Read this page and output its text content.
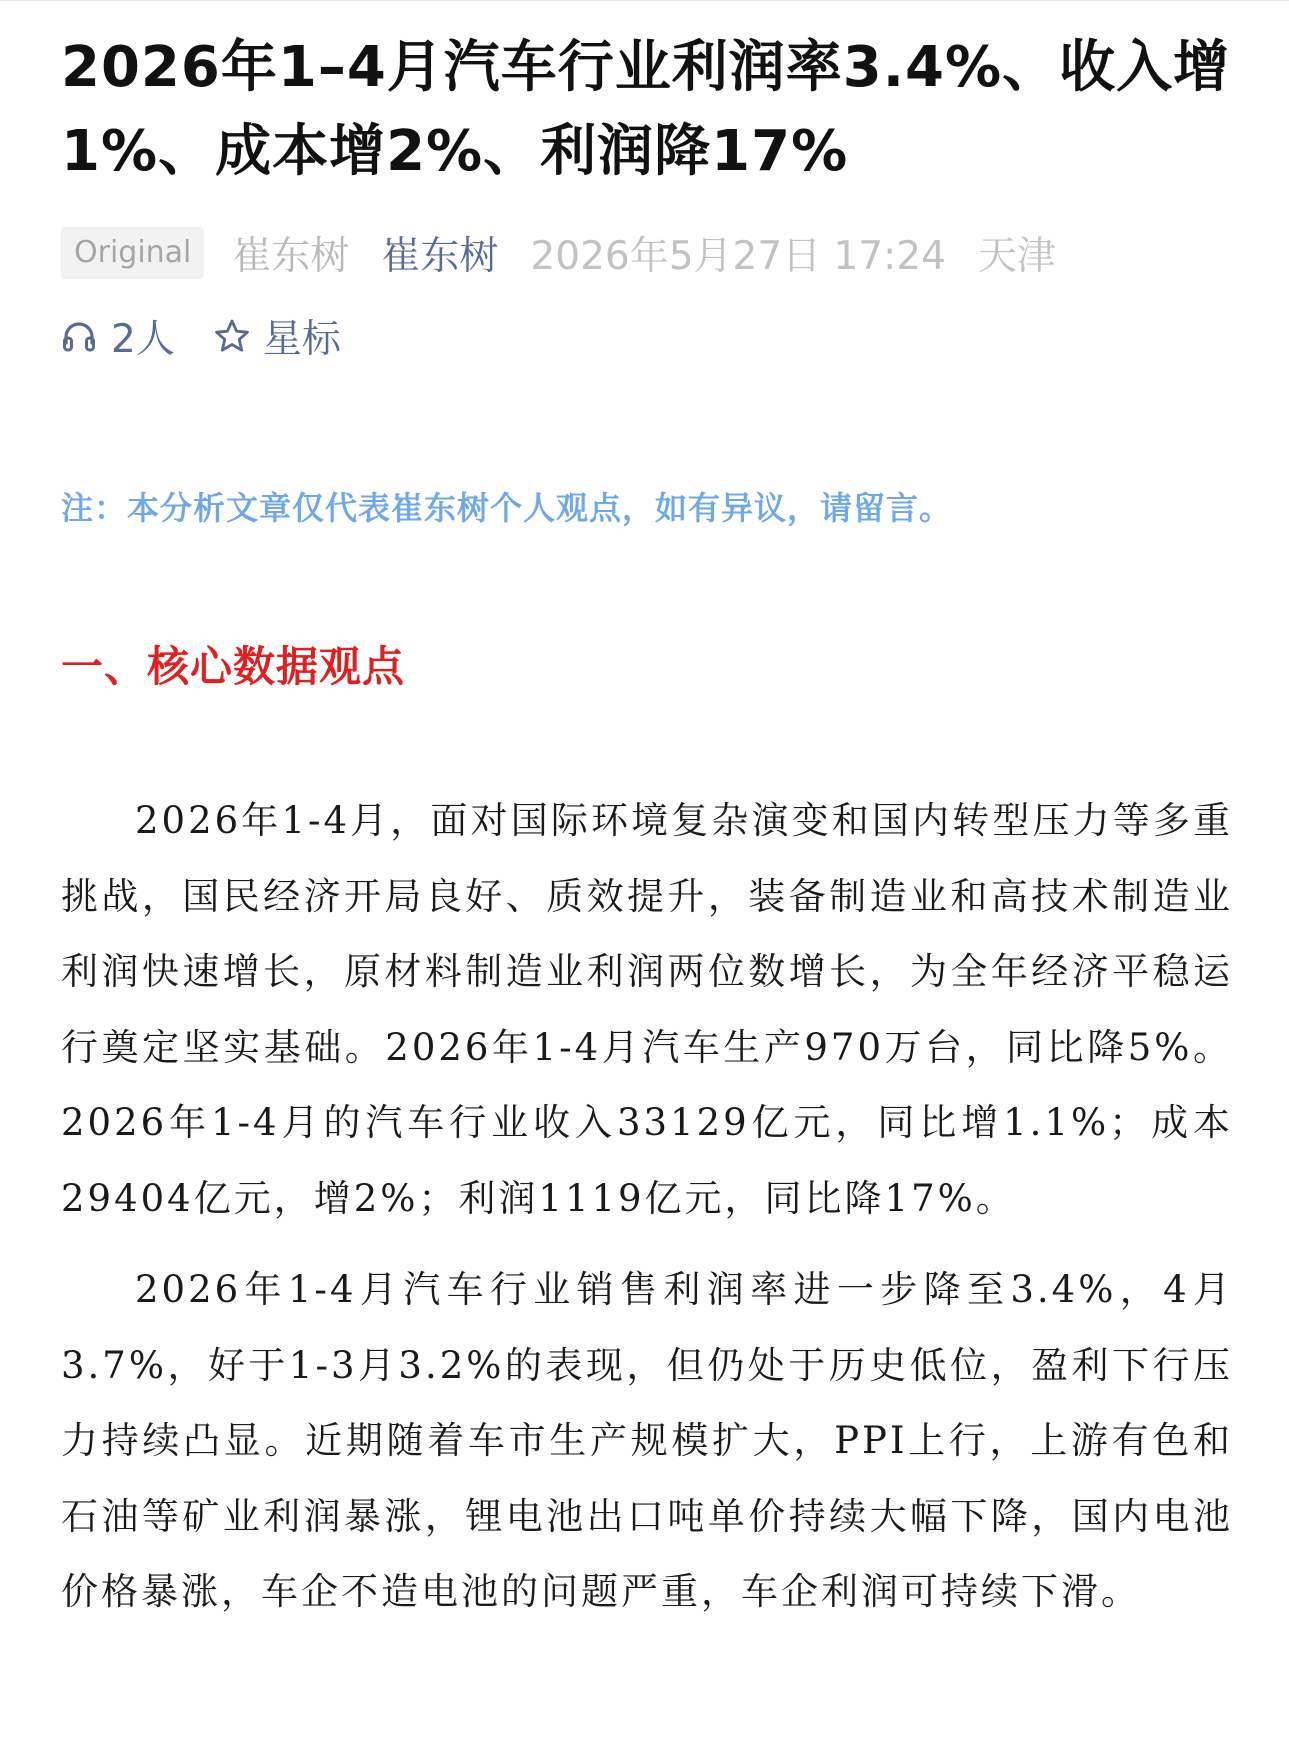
2026年1–4月汽车行业利润率3.4%、收入增1%、成本增2%、利润降17%
Original	崔东树 崔东树 2026年5月27日 17:24 天津
2人 星标
注：本分析文章仅代表崔东树个人观点，如有异议，请留言。
一、核心数据观点

2026年1-4月，面对国际环境复杂演变和国内转型压力等多重挑战，国民经济开局良好、质效提升，装备制造业和高技术制造业利润快速增长，原材料制造业利润两位数增长，为全年经济平稳运行奠定坚实基础。2026年1-4月汽车生产970万台，同比降5%。2026年1-4月的汽车行业收入33129亿元，同比增1.1%；成本29404亿元，增2%；利润1119亿元，同比降17%。

2026年1-4月汽车行业销售利润率进一步降至3.4%，4月3.7%，好于1-3月3.2%的表现，但仍处于历史低位，盈利下行压力持续凸显。近期随着车市生产规模扩大，PPI上行，上游有色和石油等矿业利润暴涨，锂电池出口吨单价持续大幅下降，国内电池价格暴涨，车企不造电池的问题严重，车企利润可持续下滑。
